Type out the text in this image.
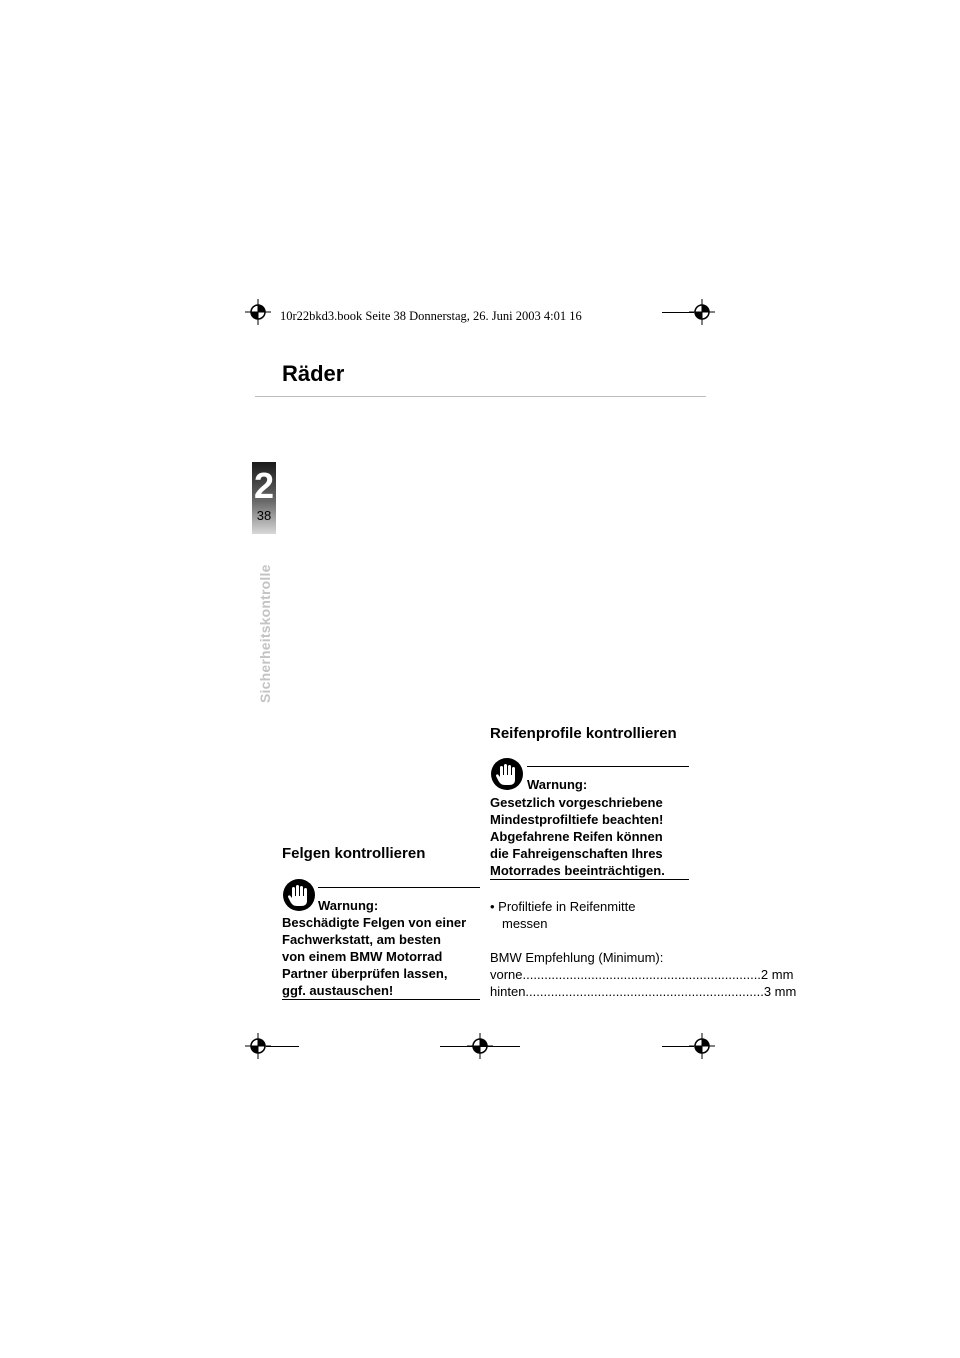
10r22bkd3.book Seite 38 Donnerstag, 26. Juni 2003 4:01 16
Räder
2
38
Sicherheitskontrolle
Felgen kontrollieren
Warnung:
Beschädigte Felgen von einer
Fachwerkstatt, am besten
von einem BMW Motorrad
Partner überprüfen lassen,
ggf. austauschen!
Reifenprofile kontrollieren
Warnung:
Gesetzlich vorgeschriebene
Mindestprofiltiefe beachten!
Abgefahrene Reifen können
die Fahreigenschaften Ihres
Motorrades beeinträchtigen.
• Profiltiefe in Reifenmitte
messen
BMW Empfehlung (Minimum):
vorne .................................................................. 2 mm
hinten .................................................................. 3 mm
